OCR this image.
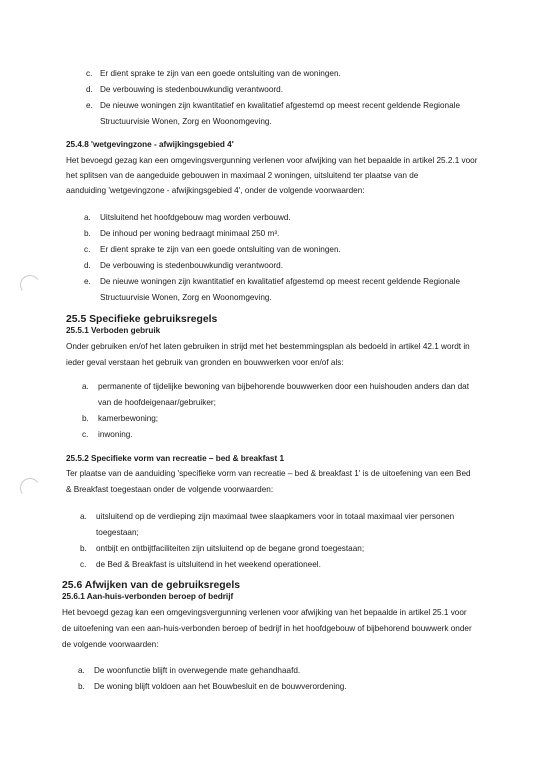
c. Er dient sprake te zijn van een goede ontsluiting van de woningen.
d. De verbouwing is stedenbouwkundig verantwoord.
e. De nieuwe woningen zijn kwantitatief en kwalitatief afgestemd op meest recent geldende Regionale
Structuurvisie Wonen, Zorg en Woonomgeving.
25.4.8 'wetgevingzone - afwijkingsgebied 4'
Het bevoegd gezag kan een omgevingsvergunning verlenen voor afwijking van het bepaalde in artikel 25.2.1 voor
het splitsen van de aangeduide gebouwen in maximaal 2 woningen, uitsluitend ter plaatse van de
aanduiding 'wetgevingzone - afwijkingsgebied 4', onder de volgende voorwaarden:
a. Uitsluitend het hoofdgebouw mag worden verbouwd.
b. De inhoud per woning bedraagt minimaal 250 m³.
c. Er dient sprake te zijn van een goede ontsluiting van de woningen.
d. De verbouwing is stedenbouwkundig verantwoord.
e. De nieuwe woningen zijn kwantitatief en kwalitatief afgestemd op meest recent geldende Regionale
Structuurvisie Wonen, Zorg en Woonomgeving.
25.5 Specifieke gebruiksregels
25.5.1 Verboden gebruik
Onder gebruiken en/of het laten gebruiken in strijd met het bestemmingsplan als bedoeld in artikel 42.1 wordt in
ieder geval verstaan het gebruik van gronden en bouwwerken voor en/of als:
a. permanente of tijdelijke bewoning van bijbehorende bouwwerken door een huishouden anders dan dat
van de hoofdeigenaar/gebruiker;
b. kamerbewoning;
c. inwoning.
25.5.2 Specifieke vorm van recreatie – bed & breakfast 1
Ter plaatse van de aanduiding 'specifieke vorm van recreatie – bed & breakfast 1' is de uitoefening van een Bed
& Breakfast toegestaan onder de volgende voorwaarden:
a. uitsluitend op de verdieping zijn maximaal twee slaapkamers voor in totaal maximaal vier personen
toegestaan;
b. ontbijt en ontbijtfaciliteiten zijn uitsluitend op de begane grond toegestaan;
c. de Bed & Breakfast is uitsluitend in het weekend operationeel.
25.6 Afwijken van de gebruiksregels
25.6.1 Aan-huis-verbonden beroep of bedrijf
Het bevoegd gezag kan een omgevingsvergunning verlenen voor afwijking van het bepaalde in artikel 25.1 voor
de uitoefening van een aan-huis-verbonden beroep of bedrijf in het hoofdgebouw of bijbehorend bouwwerk onder
de volgende voorwaarden:
a. De woonfunctie blijft in overwegende mate gehandhaafd.
b. De woning blijft voldoen aan het Bouwbesluit en de bouwverordening.
